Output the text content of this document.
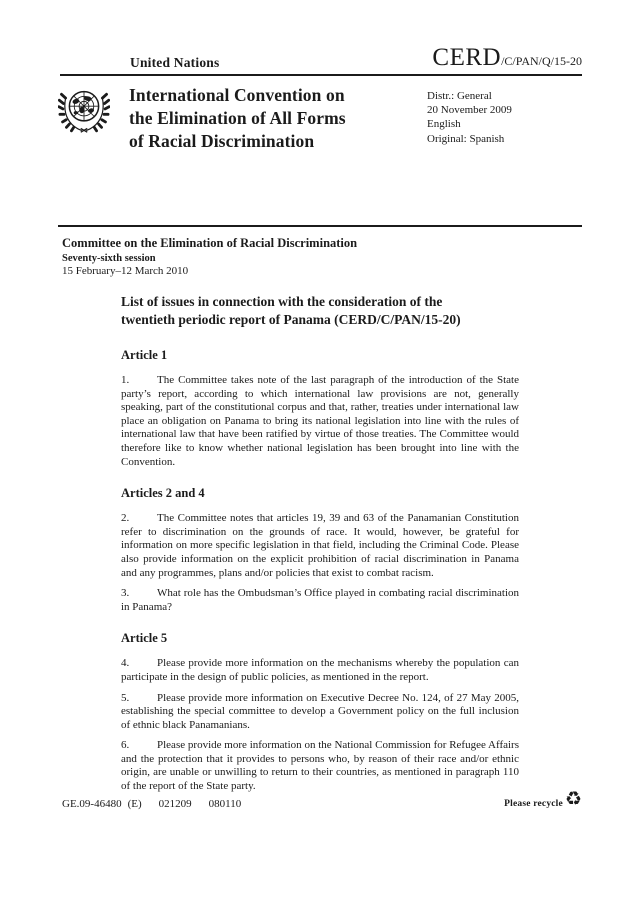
United Nations	CERD/C/PAN/Q/15-20
International Convention on
the Elimination of All Forms
of Racial Discrimination
Distr.: General
20 November 2009
English
Original: Spanish
Committee on the Elimination of Racial Discrimination
Seventy-sixth session
15 February–12 March 2010
List of issues in connection with the consideration of the
twentieth periodic report of Panama (CERD/C/PAN/15-20)
Article 1

1.	The Committee takes note of the last paragraph of the introduction of the State party’s report, according to which international law provisions are not, generally speaking, part of the constitutional corpus and that, rather, treaties under international law place an obligation on Panama to bring its national legislation into line with the rules of international law that have been ratified by virtue of those treaties. The Committee would therefore like to know whether national legislation has been brought into line with the Convention.

Articles 2 and 4

2.	The Committee notes that articles 19, 39 and 63 of the Panamanian Constitution refer to discrimination on the grounds of race. It would, however, be grateful for information on more specific legislation in that field, including the Criminal Code. Please also provide information on the explicit prohibition of racial discrimination in Panama and any programmes, plans and/or policies that exist to combat racism.

3.	What role has the Ombudsman’s Office played in combating racial discrimination in Panama?

Article 5

4.	Please provide more information on the mechanisms whereby the population can participate in the design of public policies, as mentioned in the report.

5.	Please provide more information on Executive Decree No. 124, of 27 May 2005, establishing the special committee to develop a Government policy on the full inclusion of ethnic black Panamanians.

6.	Please provide more information on the National Commission for Refugee Affairs and the protection that it provides to persons who, by reason of their race and/or ethnic origin, are unable or unwilling to return to their countries, as mentioned in paragraph 110 of the report of the State party.

GE.09-46480 (E) 021209 080110	Please recycle ♻
